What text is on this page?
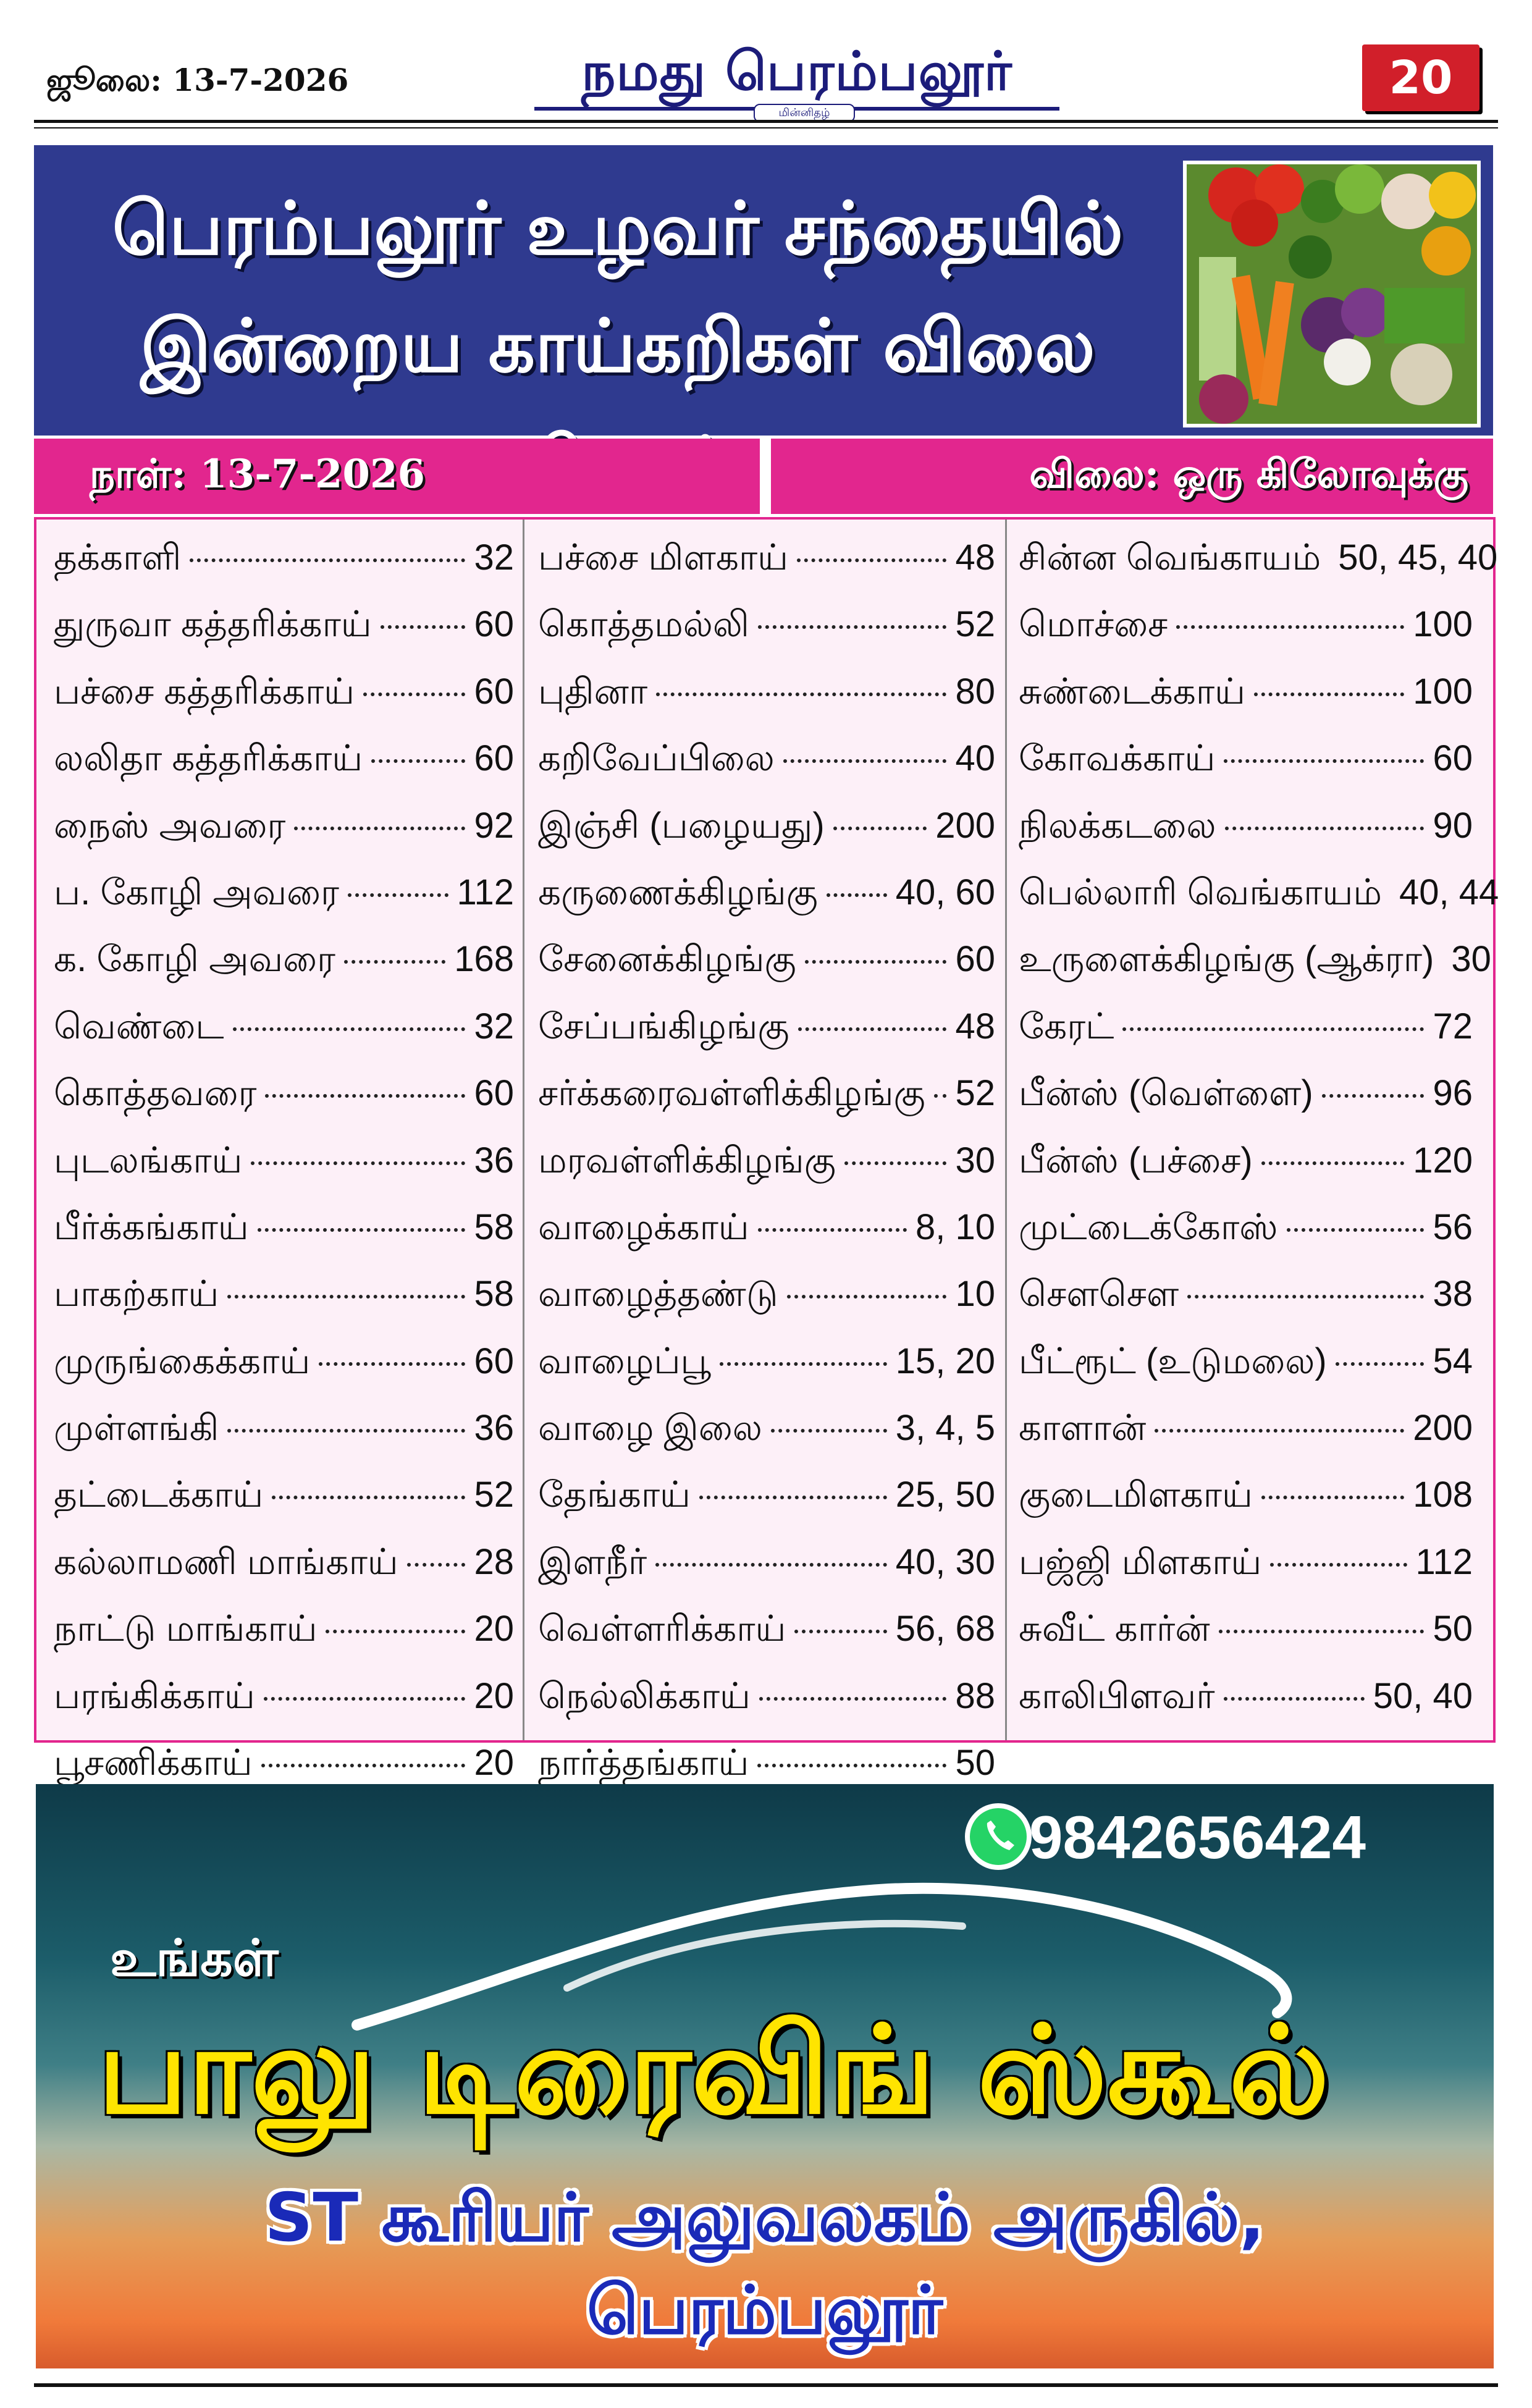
ஜூலை: 13-7-2026	நமது பெரம்பலூர்
மின்னிதழ்
20
பெரம்பலூர் உழவர் சந்தையில்
இன்றைய காய்கறிகள் விலை
நாள்: 13-7-2026	விலை: ஒரு கிலோவுக்கு
தக்காளி	32
துருவா கத்தரிக்காய்	60
பச்சை கத்தரிக்காய்	60
லலிதா கத்தரிக்காய்	60
நைஸ் அவரை	92
ப. கோழி அவரை	112
க. கோழி அவரை	168
வெண்டை	32
கொத்தவரை	60
புடலங்காய்	36
பீர்க்கங்காய்	58
பாகற்காய்	58
முருங்கைக்காய்	60
முள்ளங்கி	36
தட்டைக்காய்	52
கல்லாமணி மாங்காய் 28
நாட்டு மாங்காய்	20
பரங்கிக்காய்	20
பூசணிக்காய்	20
பச்சை மிளகாய்	48
கொத்தமல்லி	52
புதினா	80
கறிவேப்பிலை	40
இஞ்சி (பழையது)	200
கருணைக்கிழங்கு 40, 60
சேனைக்கிழங்கு	60
சேப்பங்கிழங்கு	48
சர்க்கரைவள்ளிக்கிழங்கு 52
மரவள்ளிக்கிழங்கு	30
வாழைக்காய்	8, 10
வாழைத்தண்டு	10
வாழைப்பூ	15, 20
வாழை இலை	3, 4, 5
தேங்காய்	25, 50
இளநீர்	40, 30
வெள்ளரிக்காய்	56, 68
நெல்லிக்காய்	88
நார்த்தங்காய்	50
சின்ன வெங்காயம் 50, 45, 40
மொச்சை	100
சுண்டைக்காய்	100
கோவக்காய்	60
நிலக்கடலை	90
பெல்லாரி வெங்காயம் 40, 44
உருளைக்கிழங்கு (ஆக்ரா) 30
கேரட்	72
பீன்ஸ் (வெள்ளை)	96
பீன்ஸ் (பச்சை)	120
முட்டைக்கோஸ்	56
சௌசௌ	38
பீட்ரூட் (உடுமலை)	54
காளான்	200
குடைமிளகாய்	108
பஜ்ஜி மிளகாய்	112
சுவீட் கார்ன்	50
காலிபிளவர்	50, 40
9842656424
உங்கள்
பாலு டிரைவிங் ஸ்கூல்
ST கூரியர் அலுவலகம் அருகில்,
பெரம்பலூர்
